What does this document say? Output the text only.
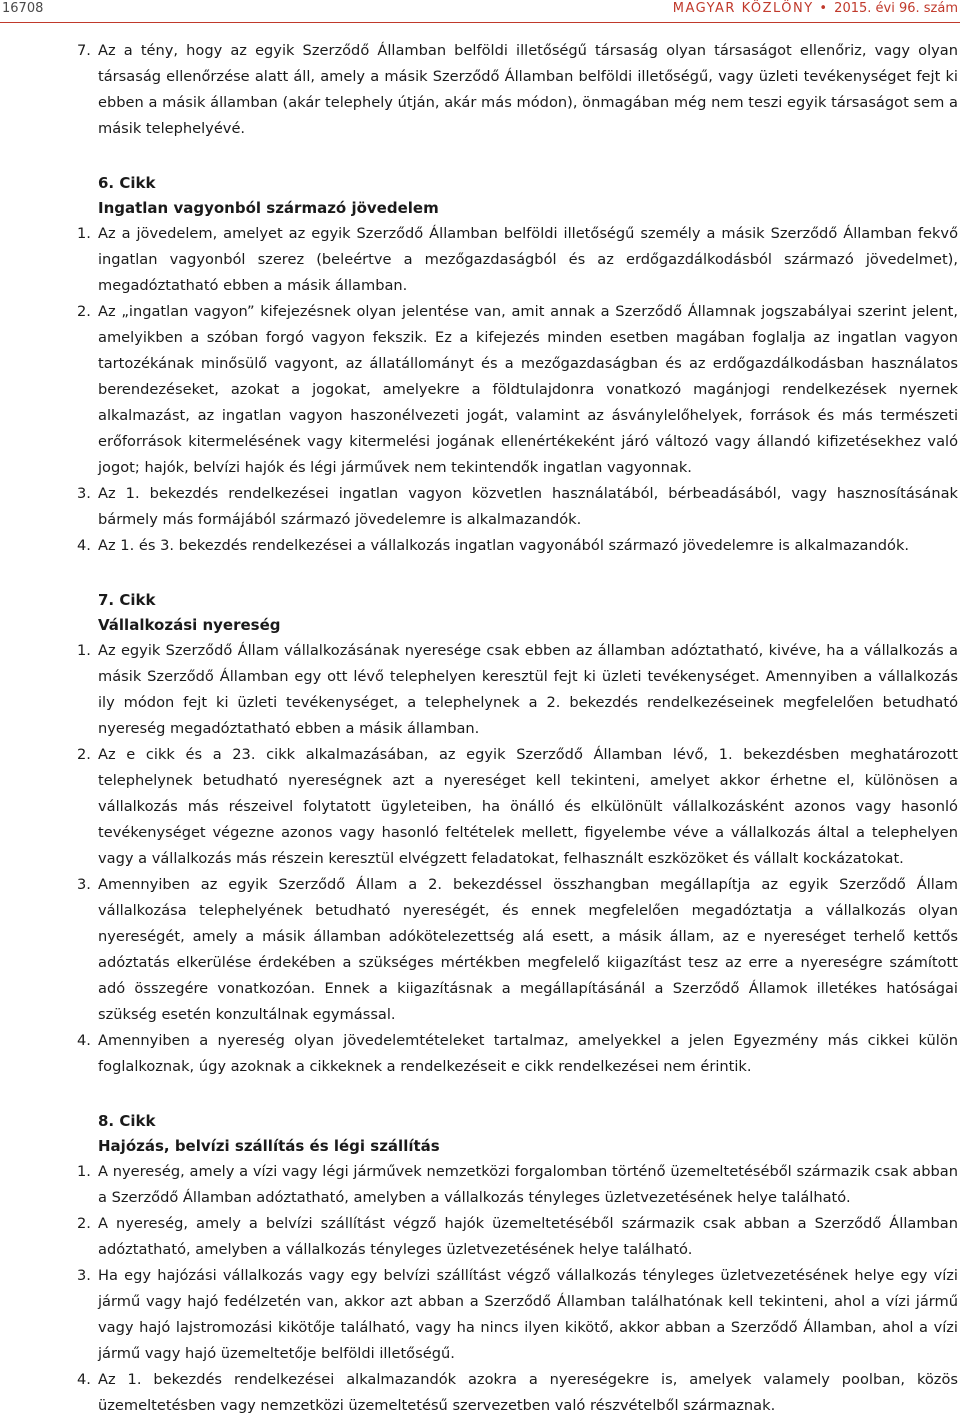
16708	MAGYAR KÖZLÖNY • 2015. évi 96. szám

7. Az a tény, hogy az egyik Szerződő Államban belföldi illetőségű társaság olyan társaságot ellenőriz, vagy olyan társaság ellenőrzése alatt áll, amely a másik Szerződő Államban belföldi illetőségű, vagy üzleti tevékenységet fejt ki ebben a másik államban (akár telephely útján, akár más módon), önmagában még nem teszi egyik társaságot sem a másik telephelyévé.

6. Cikk
Ingatlan vagyonból származó jövedelem

1. Az a jövedelem, amelyet az egyik Szerződő Államban belföldi illetőségű személy a másik Szerződő Államban fekvő ingatlan vagyonból szerez (beleértve a mezőgazdaságból és az erdőgazdálkodásból származó jövedelmet), megadóztatható ebben a másik államban.

2. Az „ingatlan vagyon” kifejezésnek olyan jelentése van, amit annak a Szerződő Államnak jogszabályai szerint jelent, amelyikben a szóban forgó vagyon fekszik. Ez a kifejezés minden esetben magában foglalja az ingatlan vagyon tartozékának minősülő vagyont, az állatállományt és a mezőgazdaságban és az erdőgazdálkodásban használatos berendezéseket, azokat a jogokat, amelyekre a földtulajdonra vonatkozó magánjogi rendelkezések nyernek alkalmazást, az ingatlan vagyon haszonélvezeti jogát, valamint az ásványlelőhelyek, források és más természeti erőforrások kitermelésének vagy kitermelési jogának ellenértékeként járó változó vagy állandó kifizetésekhez való jogot; hajók, belvízi hajók és légi járművek nem tekintendők ingatlan vagyonnak.

3. Az 1. bekezdés rendelkezései ingatlan vagyon közvetlen használatából, bérbeadásából, vagy hasznosításának bármely más formájából származó jövedelemre is alkalmazandók.

4. Az 1. és 3. bekezdés rendelkezései a vállalkozás ingatlan vagyonából származó jövedelemre is alkalmazandók.

7. Cikk
Vállalkozási nyereség

1. Az egyik Szerződő Állam vállalkozásának nyeresége csak ebben az államban adóztatható, kivéve, ha a vállalkozás a másik Szerződő Államban egy ott lévő telephelyen keresztül fejt ki üzleti tevékenységet. Amennyiben a vállalkozás ily módon fejt ki üzleti tevékenységet, a telephelynek a 2. bekezdés rendelkezéseinek megfelelően betudható nyereség megadóztatható ebben a másik államban.

2. Az e cikk és a 23. cikk alkalmazásában, az egyik Szerződő Államban lévő, 1. bekezdésben meghatározott telephelynek betudható nyereségnek azt a nyereséget kell tekinteni, amelyet akkor érhetne el, különösen a vállalkozás más részeivel folytatott ügyleteiben, ha önálló és elkülönült vállalkozásként azonos vagy hasonló tevékenységet végezne azonos vagy hasonló feltételek mellett, figyelembe véve a vállalkozás által a telephelyen vagy a vállalkozás más részein keresztül elvégzett feladatokat, felhasznált eszközöket és vállalt kockázatokat.

3. Amennyiben az egyik Szerződő Állam a 2. bekezdéssel összhangban megállapítja az egyik Szerződő Állam vállalkozása telephelyének betudható nyereségét, és ennek megfelelően megadóztatja a vállalkozás olyan nyereségét, amely a másik államban adókötelezettség alá esett, a másik állam, az e nyereséget terhelő kettős adóztatás elkerülése érdekében a szükséges mértékben megfelelő kiigazítást tesz az erre a nyereségre számított adó összegére vonatkozóan. Ennek a kiigazításnak a megállapításánál a Szerződő Államok illetékes hatóságai szükség esetén konzultálnak egymással.

4. Amennyiben a nyereség olyan jövedelemtételeket tartalmaz, amelyekkel a jelen Egyezmény más cikkei külön foglalkoznak, úgy azoknak a cikkeknek a rendelkezéseit e cikk rendelkezései nem érintik.

8. Cikk
Hajózás, belvízi szállítás és légi szállítás

1. A nyereség, amely a vízi vagy légi járművek nemzetközi forgalomban történő üzemeltetéséből származik csak abban a Szerződő Államban adóztatható, amelyben a vállalkozás tényleges üzletvezetésének helye található.

2. A nyereség, amely a belvízi szállítást végző hajók üzemeltetéséből származik csak abban a Szerződő Államban adóztatható, amelyben a vállalkozás tényleges üzletvezetésének helye található.

3. Ha egy hajózási vállalkozás vagy egy belvízi szállítást végző vállalkozás tényleges üzletvezetésének helye egy vízi jármű vagy hajó fedélzetén van, akkor azt abban a Szerződő Államban találhatónak kell tekinteni, ahol a vízi jármű vagy hajó lajstromozási kikötője található, vagy ha nincs ilyen kikötő, akkor abban a Szerződő Államban, ahol a vízi jármű vagy hajó üzemeltetője belföldi illetőségű.

4. Az 1. bekezdés rendelkezései alkalmazandók azokra a nyereségekre is, amelyek valamely poolban, közös üzemeltetésben vagy nemzetközi üzemeltetésű szervezetben való részvételből származnak.
